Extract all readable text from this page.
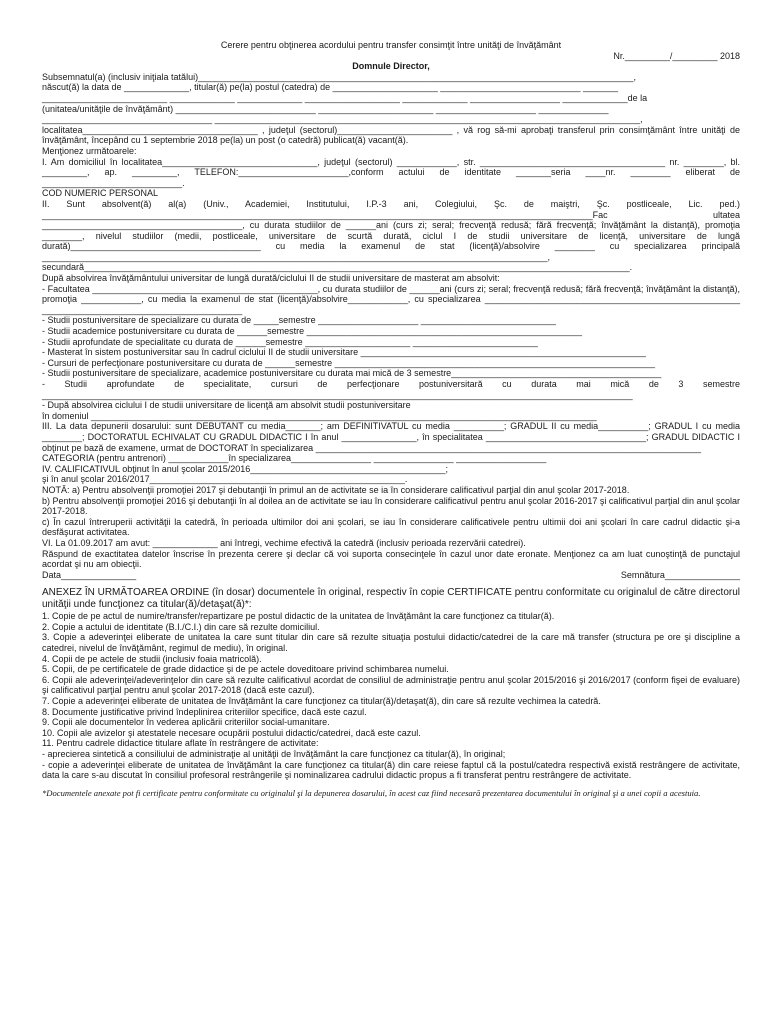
Cerere pentru obţinerea acordului pentru transfer consimţit între unităţi de învăţământ

Nr._________/_________ 2018

Domnule Director,

Subsemnatul(a) (inclusiv iniţiala tatălui)_______________________________________________________________________________________,

născut(ă) la data de _____________, titular(ă) pe(la) postul (catedra) de _____________________ ____________________________ _______

_________________________ _____________ _____________ ___________________ _____________ __________________ _____________de la

(unitatea/unităţile de învăţământ) ____________________________ _______________________ ____________________ ______________

__________________________________ _____________________________________________________________________________________,

localitatea___________________________________ , judeţul (sectorul)_______________________ , vă rog să-mi aprobaţi transferul prin consimţământ între unităţi de învăţământ, începând cu 1 septembrie 2018 pe(la) un post (o catedră) publicat(ă) vacant(ă).

Menţionez următoarele:

I. Am domiciliul în localitatea_______________________________, judeţul (sectorul) ____________, str. _____________________________________ nr. ________, bl. _________, ap. _________, TELEFON:______________________,conform actului de identitate _______seria ____nr. ________ eliberat de ____________________________.

COD NUMERIC PERSONAL

II. Sunt absolvent(ă) al(a) (Univ., Academiei, Institutului, I.P.-3 ani, Colegiului, Şc. de maiştri, Şc. postliceale, Lic. ped.) ______________________________________________________________________________________________________________Fac ultatea ________________________________________, cu durata studiilor de ______ani (curs zi; seral; frecvenţă redusă; fără frecvenţă; învăţământ la distanţă), promoţia ________, nivelul studiilor (medii, postliceale, universitare de scurtă durată, ciclul I de studii universitare de licenţă, universitare de lungă durată)______________________________________ cu media la examenul de stat (licenţă)/absolvire ________ cu specializarea principală _____________________________________________________________________________________________________, secundară_____________________________________________________________________________________________________________.

După absolvirea învăţământului universitar de lungă durată/ciclului II de studii universitare de masterat am absolvit:

- Facultatea _____________________________________________, cu durata studiilor de ______ani (curs zi; seral; frecvenţă redusă; fără frecvenţă; învăţământ la distanţă), promoţia ____________, cu media la examenul de stat (licenţă)/absolvire____________, cu specializarea ___________________________________________________ ________________________________________

- Studii postuniversitare de specializare cu durata de _____semestre ____________________ ___________________________

- Studii academice postuniversitare cu durata de ______semestre _______________________________________________________

- Studii aprofundate de specialitate cu durata de ______semestre _____________________ _________________________

- Masterat în sistem postuniversitar sau în cadrul ciclului II de studii universitare _________________________________________________________

- Cursuri de perfecţionare postuniversitare cu durata de ______semestre ________________________________________________________________

- Studii postuniversitare de specializare, academice postuniversitare cu durata mai mică de 3 semestre__________________________________________

- Studii aprofundate de specialitate, cursuri de perfecţionare postuniversitară cu durata mai mică de 3 semestre ______________________________________________________________________________________________________________________

- După absolvirea ciclului I de studii universitare de licenţă am absolvit studii postuniversitare

în domeniul _____________________________________________________________________________________________________

III. La data depunerii dosarului: sunt DEBUTANT cu media_______; am DEFINITIVATUL cu media __________; GRADUL II cu media__________; GRADUL I cu media ________; DOCTORATUL ECHIVALAT CU GRADUL DIDACTIC I în anul _______________, în specialitatea ________________________________; GRADUL DIDACTIC I obţinut pe bază de examene, urmat de DOCTORAT în specializarea _____________________________________________________________________________

CATEGORIA (pentru antrenori) ____________în specializarea________________ ________________ __________________

IV. CALIFICATIVUL obţinut în anul şcolar 2015/2016_______________________________________;

şi în anul şcolar 2016/2017___________________________________________________.

NOTĂ: a) Pentru absolvenţii promoţiei 2017 şi debutanţii în primul an de activitate se ia în considerare calificativul parţial din anul şcolar 2017-2018.

b) Pentru absolvenţii promoţiei 2016 şi debutanţii în al doilea an de activitate se iau în considerare calificativul pentru anul şcolar 2016-2017 şi calificativul parţial din anul şcolar 2017-2018.

c) În cazul întreruperii activităţii la catedră, în perioada ultimilor doi ani şcolari, se iau în considerare calificativele pentru ultimii doi ani şcolari în care cadrul didactic şi-a desfăşurat activitatea.

VI. La 01.09.2017 am avut: _____________ ani întregi, vechime efectivă la catedră (inclusiv perioada rezervării catedrei).

Răspund de exactitatea datelor înscrise în prezenta cerere şi declar că voi suporta consecinţele în cazul unor date eronate. Menţionez ca am luat cunoştinţă de punctajul acordat şi nu am obiecţii.

Data_______________	Semnătura_______________

ANEXEZ ÎN URMĂTOAREA ORDINE (în dosar) documentele în original, respectiv în copie CERTIFICATE pentru conformitate cu originalul de către directorul unităţii unde funcţionez ca titular(ă)/detaşat(ă)*:

1. Copie de pe actul de numire/transfer/repartizare pe postul didactic de la unitatea de învăţământ la care funcţionez ca titular(ă).

2. Copie a actului de identitate (B.I./C.I.) din care să rezulte domiciliul.

3. Copie a adeverinţei eliberate de unitatea la care sunt titular din care să rezulte situaţia postului didactic/catedrei de la care mă transfer (structura pe ore şi discipline a catedrei, nivelul de învăţământ, regimul de mediu), în original.

4. Copii de pe actele de studii (inclusiv foaia matricolă).

5. Copii, de pe certificatele de grade didactice şi de pe actele doveditoare privind schimbarea numelui.

6. Copii ale adeverinţei/adeverinţelor din care să rezulte calificativul acordat de consiliul de administraţie pentru anul şcolar 2015/2016 şi 2016/2017 (conform fişei de evaluare) şi calificativul parţial pentru anul şcolar 2017-2018 (dacă este cazul).

7. Copie a adeverinţei eliberate de unitatea de învăţământ la care funcţionez ca titular(ă)/detaşat(ă), din care să rezulte vechimea la catedră.

8. Documente justificative privind îndeplinirea criteriilor specifice, dacă este cazul.

9. Copii ale documentelor în vederea aplicării criteriilor social-umanitare.

10. Copii ale avizelor şi atestatele necesare ocupării postului didactic/catedrei, dacă este cazul.

11. Pentru cadrele didactice titulare aflate în restrângere de activitate:

- aprecierea sintetică a consiliului de administraţie al unităţii de învăţământ la care funcţionez ca titular(ă), în original;

- copie a adeverinţei eliberate de unitatea de învăţământ la care funcţionez ca titular(ă) din care reiese faptul că la postul/catedra respectivă există restrângere de activitate, data la care s-au discutat în consiliul profesoral restrângerile şi nominalizarea cadrului didactic propus a fi transferat pentru restrângere de activitate.

*Documentele anexate pot fi certificate pentru conformitate cu originalul şi la depunerea dosarului, în acest caz fiind necesară prezentarea documentului în original şi a unei copii a acestuia.
